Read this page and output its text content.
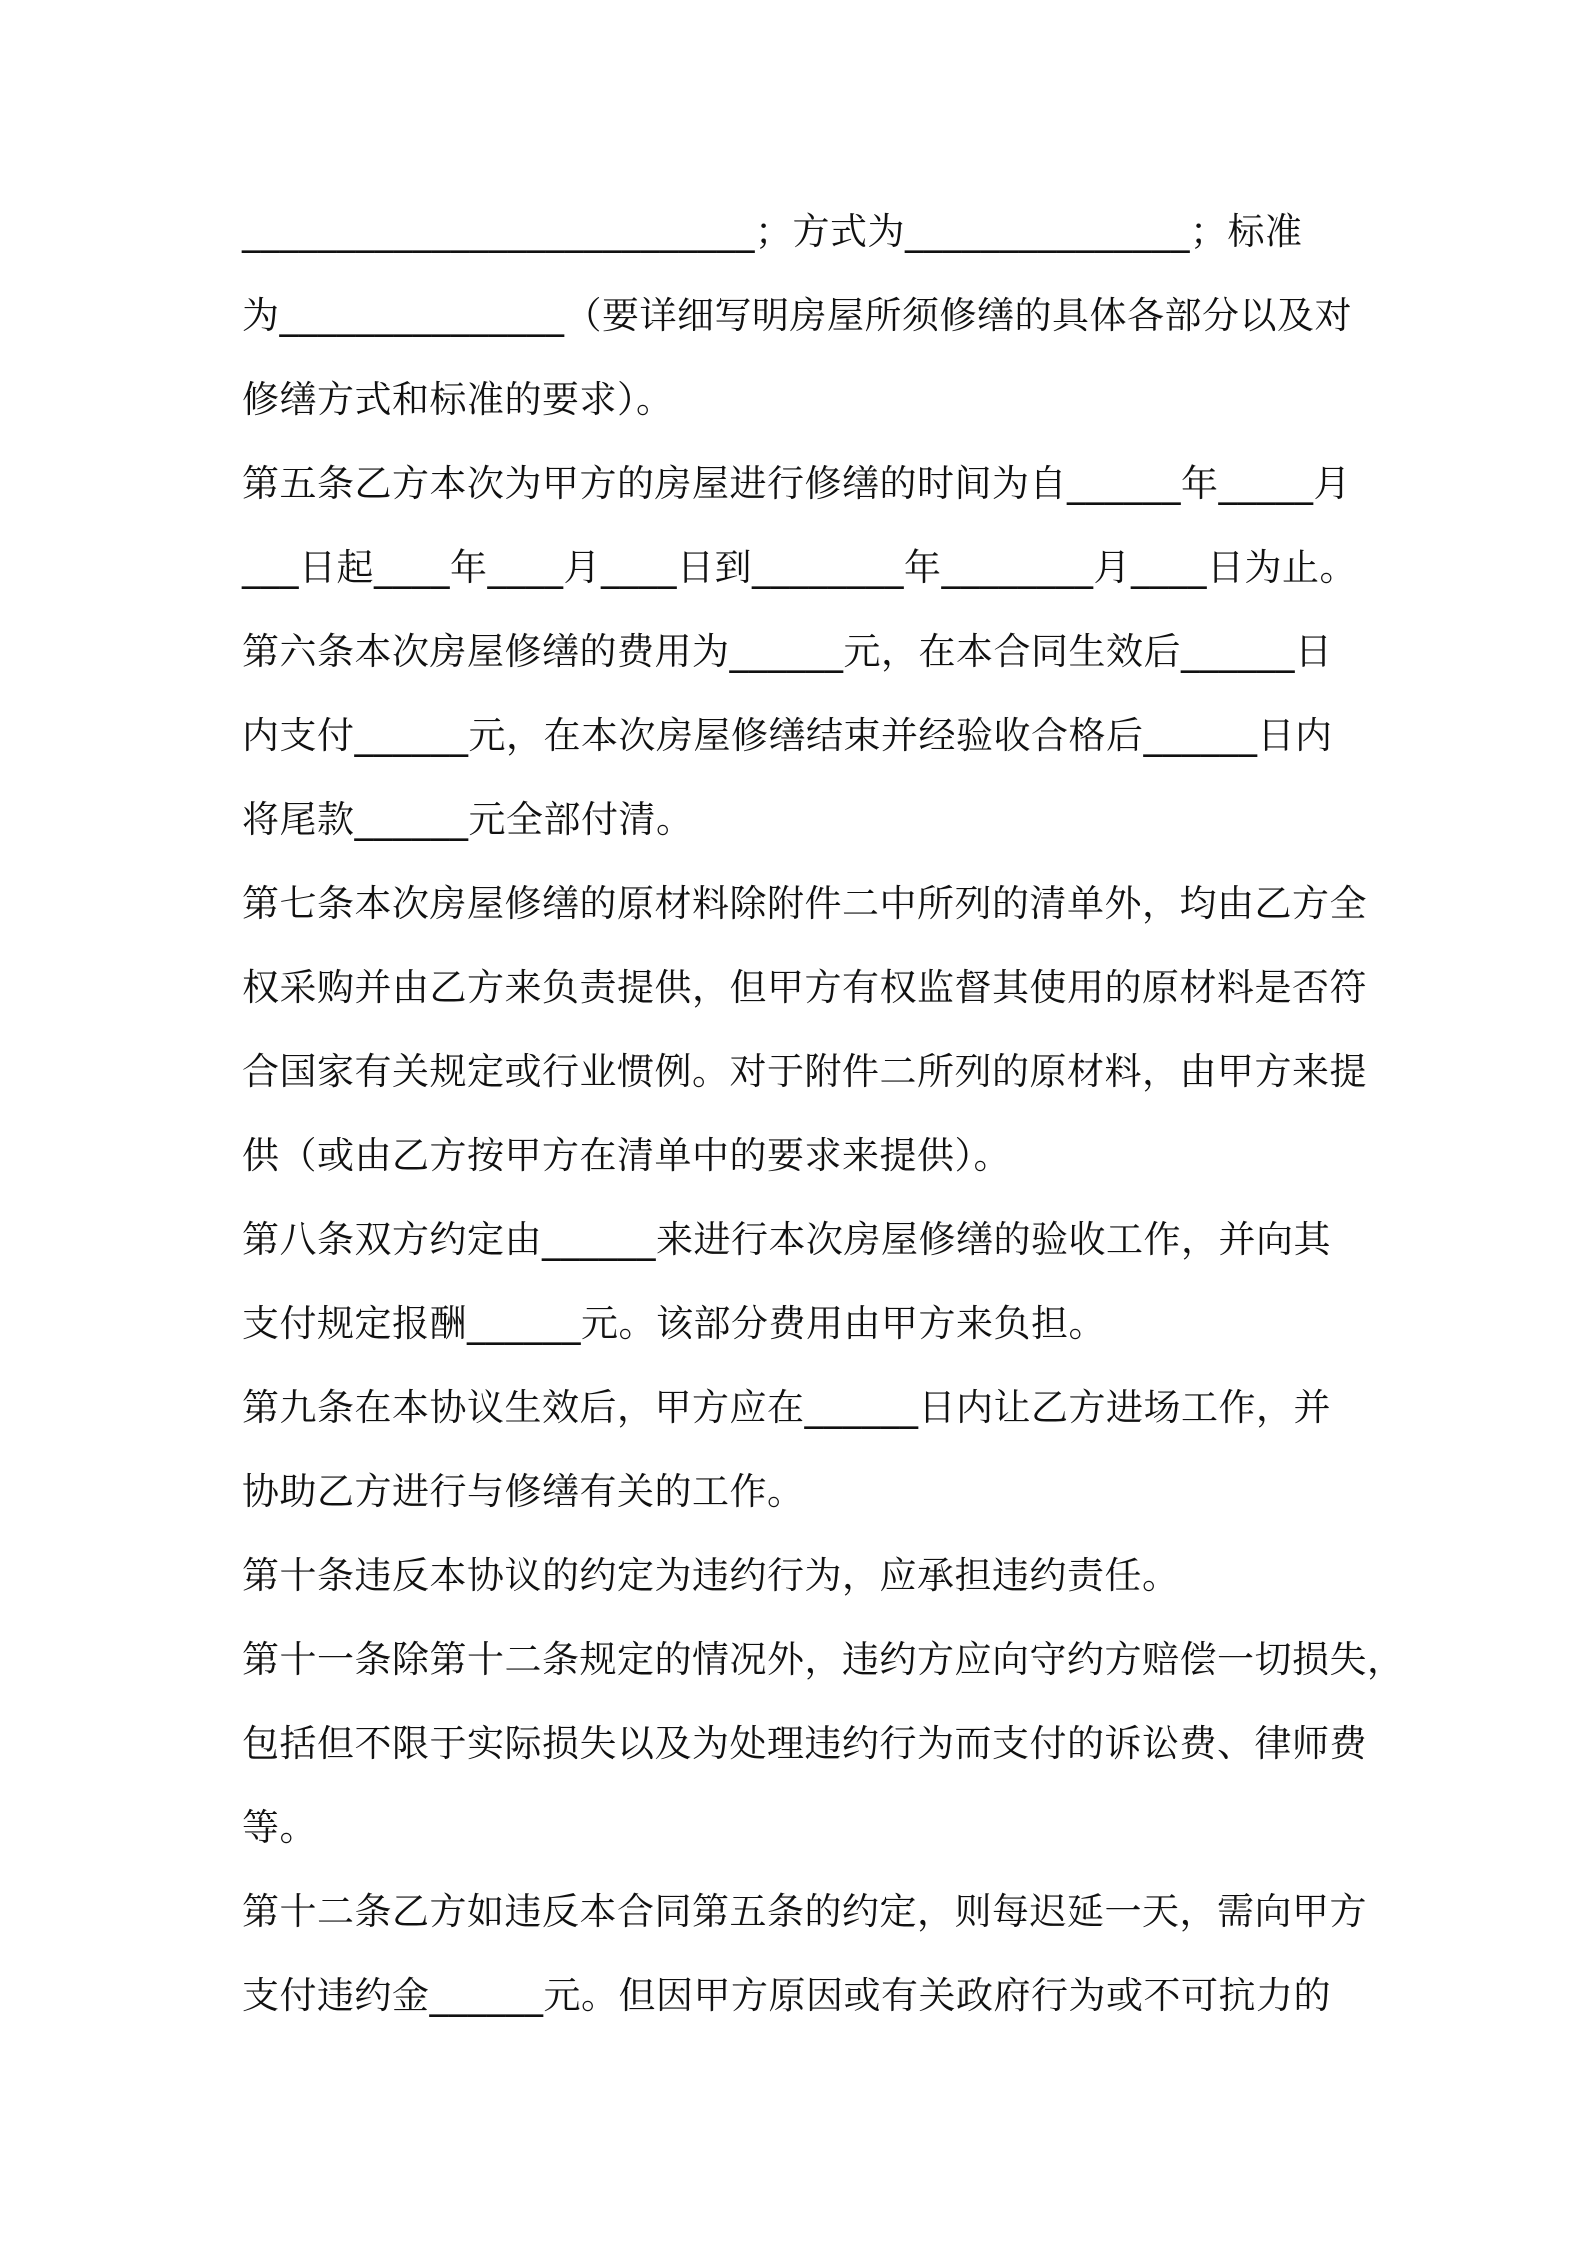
___________________________；方式为_______________；标准
为_______________（要详细写明房屋所须修缮的具体各部分以及对
修缮方式和标准的要求）。
第五条乙方本次为甲方的房屋进行修缮的时间为自______年_____月
___日起____年____月____日到________年________月____日为止。
第六条本次房屋修缮的费用为______元，在本合同生效后______日
内支付______元，在本次房屋修缮结束并经验收合格后______日内
将尾款______元全部付清。
第七条本次房屋修缮的原材料除附件二中所列的清单外，均由乙方全
权采购并由乙方来负责提供，但甲方有权监督其使用的原材料是否符
合国家有关规定或行业惯例。对于附件二所列的原材料，由甲方来提
供（或由乙方按甲方在清单中的要求来提供）。
第八条双方约定由______来进行本次房屋修缮的验收工作，并向其
支付规定报酬______元。该部分费用由甲方来负担。
第九条在本协议生效后，甲方应在______日内让乙方进场工作，并
协助乙方进行与修缮有关的工作。
第十条违反本协议的约定为违约行为，应承担违约责任。
第十一条除第十二条规定的情况外，违约方应向守约方赔偿一切损失，
包括但不限于实际损失以及为处理违约行为而支付的诉讼费、律师费
等。
第十二条乙方如违反本合同第五条的约定，则每迟延一天，需向甲方
支付违约金______元。但因甲方原因或有关政府行为或不可抗力的
